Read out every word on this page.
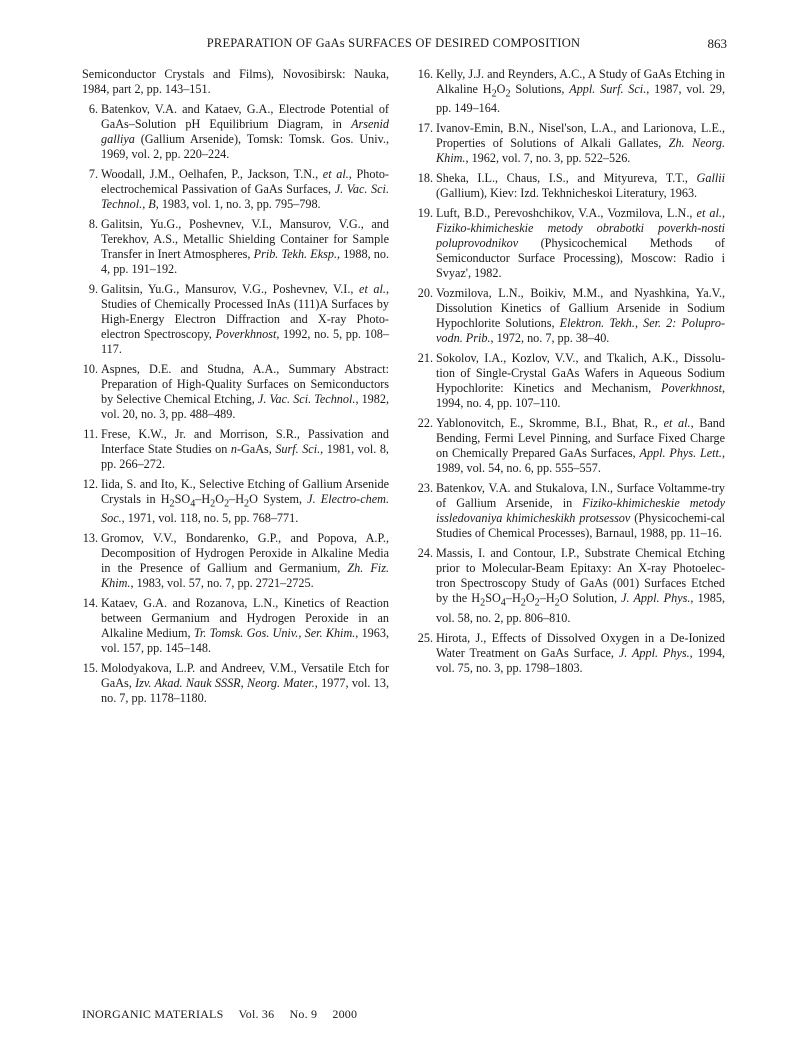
PREPARATION OF GaAs SURFACES OF DESIRED COMPOSITION	863
Semiconductor Crystals and Films), Novosibirsk: Nauka, 1984, part 2, pp. 143–151.
6. Batenkov, V.A. and Kataev, G.A., Electrode Potential of GaAs–Solution pH Equilibrium Diagram, in Arsenid galliya (Gallium Arsenide), Tomsk: Tomsk. Gos. Univ., 1969, vol. 2, pp. 220–224.
7. Woodall, J.M., Oelhafen, P., Jackson, T.N., et al., Photo-electrochemical Passivation of GaAs Surfaces, J. Vac. Sci. Technol., B, 1983, vol. 1, no. 3, pp. 795–798.
8. Galitsin, Yu.G., Poshevnev, V.I., Mansurov, V.G., and Terekhov, A.S., Metallic Shielding Container for Sample Transfer in Inert Atmospheres, Prib. Tekh. Eksp., 1988, no. 4, pp. 191–192.
9. Galitsin, Yu.G., Mansurov, V.G., Poshevnev, V.I., et al., Studies of Chemically Processed InAs (111)A Surfaces by High-Energy Electron Diffraction and X-ray Photo-electron Spectroscopy, Poverkhnost, 1992, no. 5, pp. 108–117.
10. Aspnes, D.E. and Studna, A.A., Summary Abstract: Preparation of High-Quality Surfaces on Semiconductors by Selective Chemical Etching, J. Vac. Sci. Technol., 1982, vol. 20, no. 3, pp. 488–489.
11. Frese, K.W., Jr. and Morrison, S.R., Passivation and Interface State Studies on n-GaAs, Surf. Sci., 1981, vol. 8, pp. 266–272.
12. Iida, S. and Ito, K., Selective Etching of Gallium Arsenide Crystals in $H_2SO_4-H_2O_2-H_2O$ System, J. Electro-chem. Soc., 1971, vol. 118, no. 5, pp. 768–771.
13. Gromov, V.V., Bondarenko, G.P., and Popova, A.P., Decomposition of Hydrogen Peroxide in Alkaline Media in the Presence of Gallium and Germanium, Zh. Fiz. Khim., 1983, vol. 57, no. 7, pp. 2721–2725.
14. Kataev, G.A. and Rozanova, L.N., Kinetics of Reaction between Germanium and Hydrogen Peroxide in an Alkaline Medium, Tr. Tomsk. Gos. Univ., Ser. Khim., 1963, vol. 157, pp. 145–148.
15. Molodyakova, L.P. and Andreev, V.M., Versatile Etch for GaAs, Izv. Akad. Nauk SSSR, Neorg. Mater., 1977, vol. 13, no. 7, pp. 1178–1180.
16. Kelly, J.J. and Reynders, A.C., A Study of GaAs Etching in Alkaline $H_2O_2$ Solutions, Appl. Surf. Sci., 1987, vol. 29, pp. 149–164.
17. Ivanov-Emin, B.N., Nisel'son, L.A., and Larionova, L.E., Properties of Solutions of Alkali Gallates, Zh. Neorg. Khim., 1962, vol. 7, no. 3, pp. 522–526.
18. Sheka, I.L., Chaus, I.S., and Mityureva, T.T., Gallii (Gallium), Kiev: Izd. Tekhnicheskoi Literatury, 1963.
19. Luft, B.D., Perevoshchikov, V.A., Vozmilova, L.N., et al., Fiziko-khimicheskie metody obrabotki poverkh-nosti poluprovodnikov (Physicochemical Methods of Semiconductor Surface Processing), Moscow: Radio i Svyaz', 1982.
20. Vozmilova, L.N., Boikiv, M.M., and Nyashkina, Ya.V., Dissolution Kinetics of Gallium Arsenide in Sodium Hypochlorite Solutions, Elektron. Tekh., Ser. 2: Polupro-vodn. Prib., 1972, no. 7, pp. 38–40.
21. Sokolov, I.A., Kozlov, V.V., and Tkalich, A.K., Dissolu-tion of Single-Crystal GaAs Wafers in Aqueous Sodium Hypochlorite: Kinetics and Mechanism, Poverkhnost, 1994, no. 4, pp. 107–110.
22. Yablonovitch, E., Skromme, B.I., Bhat, R., et al., Band Bending, Fermi Level Pinning, and Surface Fixed Charge on Chemically Prepared GaAs Surfaces, Appl. Phys. Lett., 1989, vol. 54, no. 6, pp. 555–557.
23. Batenkov, V.A. and Stukalova, I.N., Surface Voltamme-try of Gallium Arsenide, in Fiziko-khimicheskie metody issledovaniya khimicheskikh protsessov (Physicochemi-cal Studies of Chemical Processes), Barnaul, 1988, pp. 11–16.
24. Massis, I. and Contour, I.P., Substrate Chemical Etching prior to Molecular-Beam Epitaxy: An X-ray Photoelec-tron Spectroscopy Study of GaAs (001) Surfaces Etched by the $H_2SO_4-H_2O_2-H_2O$ Solution, J. Appl. Phys., 1985, vol. 58, no. 2, pp. 806–810.
25. Hirota, J., Effects of Dissolved Oxygen in a De-Ionized Water Treatment on GaAs Surface, J. Appl. Phys., 1994, vol. 75, no. 3, pp. 1798–1803.
INORGANIC MATERIALS Vol. 36 No. 9 2000
